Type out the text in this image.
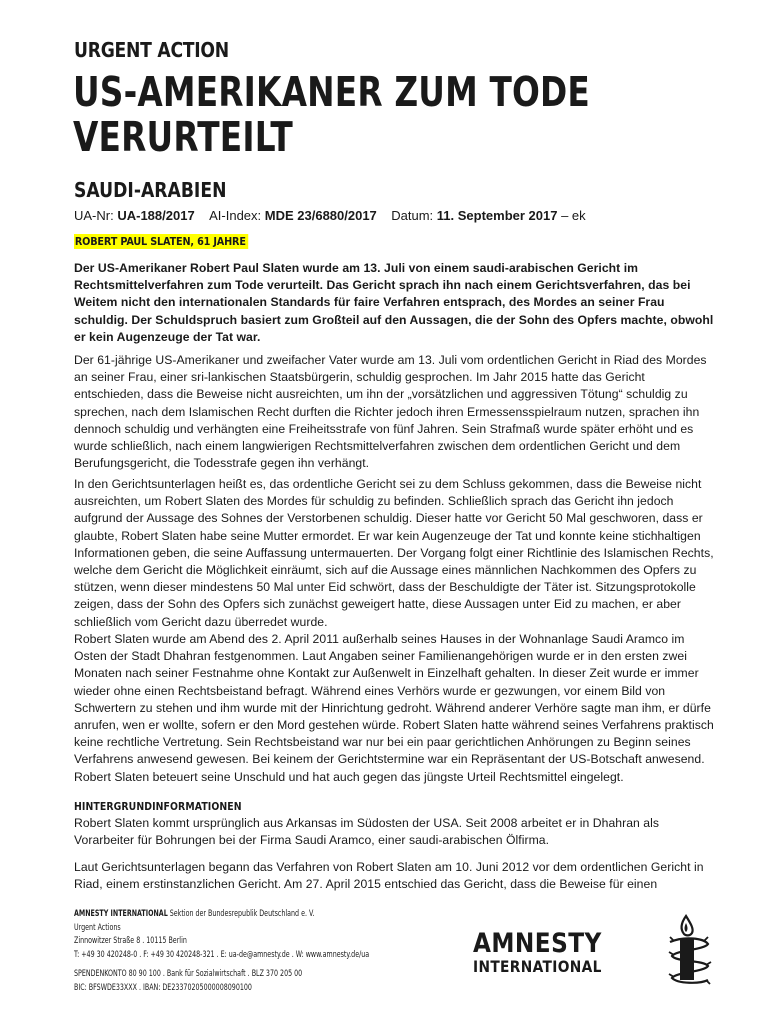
URGENT ACTION
US-AMERIKANER ZUM TODE
VERURTEILT
SAUDI-ARABIEN
UA-Nr: UA-188/2017 AI-Index: MDE 23/6880/2017 Datum: 11. September 2017 – ek
ROBERT PAUL SLATEN, 61 JAHRE

Der US-Amerikaner Robert Paul Slaten wurde am 13. Juli von einem saudi-arabischen Gericht im Rechtsmittelverfahren zum Tode verurteilt. Das Gericht sprach ihn nach einem Gerichtsverfahren, das bei Weitem nicht den internationalen Standards für faire Verfahren entsprach, des Mordes an seiner Frau schuldig. Der Schuldspruch basiert zum Großteil auf den Aussagen, die der Sohn des Opfers machte, obwohl er kein Augenzeuge der Tat war.

Der 61-jährige US-Amerikaner und zweifacher Vater wurde am 13. Juli vom ordentlichen Gericht in Riad des Mordes an seiner Frau, einer sri-lankischen Staatsbürgerin, schuldig gesprochen. Im Jahr 2015 hatte das Gericht entschieden, dass die Beweise nicht ausreichten, um ihn der „vorsätzlichen und aggressiven Tötung“ schuldig zu sprechen, nach dem Islamischen Recht durften die Richter jedoch ihren Ermessensspielraum nutzen, sprachen ihn dennoch schuldig und verhängten eine Freiheitsstrafe von fünf Jahren. Sein Strafmaß wurde später erhöht und es wurde schließlich, nach einem langwierigen Rechtsmittelverfahren zwischen dem ordentlichen Gericht und dem Berufungsgericht, die Todesstrafe gegen ihn verhängt.

In den Gerichtsunterlagen heißt es, das ordentliche Gericht sei zu dem Schluss gekommen, dass die Beweise nicht ausreichten, um Robert Slaten des Mordes für schuldig zu befinden. Schließlich sprach das Gericht ihn jedoch aufgrund der Aussage des Sohnes der Verstorbenen schuldig. Dieser hatte vor Gericht 50 Mal geschworen, dass er glaubte, Robert Slaten habe seine Mutter ermordet. Er war kein Augenzeuge der Tat und konnte keine stichhaltigen Informationen geben, die seine Auffassung untermauerten. Der Vorgang folgt einer Richtlinie des Islamischen Rechts, welche dem Gericht die Möglichkeit einräumt, sich auf die Aussage eines männlichen Nachkommen des Opfers zu stützen, wenn dieser mindestens 50 Mal unter Eid schwört, dass der Beschuldigte der Täter ist. Sitzungsprotokolle zeigen, dass der Sohn des Opfers sich zunächst geweigert hatte, diese Aussagen unter Eid zu machen, er aber schließlich vom Gericht dazu überredet wurde.

Robert Slaten wurde am Abend des 2. April 2011 außerhalb seines Hauses in der Wohnanlage Saudi Aramco im Osten der Stadt Dhahran festgenommen. Laut Angaben seiner Familienangehörigen wurde er in den ersten zwei Monaten nach seiner Festnahme ohne Kontakt zur Außenwelt in Einzelhaft gehalten. In dieser Zeit wurde er immer wieder ohne einen Rechtsbeistand befragt. Während eines Verhörs wurde er gezwungen, vor einem Bild von Schwertern zu stehen und ihm wurde mit der Hinrichtung gedroht. Während anderer Verhöre sagte man ihm, er dürfe anrufen, wen er wollte, sofern er den Mord gestehen würde. Robert Slaten hatte während seines Verfahrens praktisch keine rechtliche Vertretung. Sein Rechtsbeistand war nur bei ein paar gerichtlichen Anhörungen zu Beginn seines Verfahrens anwesend gewesen. Bei keinem der Gerichtstermine war ein Repräsentant der US-Botschaft anwesend. Robert Slaten beteuert seine Unschuld und hat auch gegen das jüngste Urteil Rechtsmittel eingelegt.

HINTERGRUNDINFORMATIONEN

Robert Slaten kommt ursprünglich aus Arkansas im Südosten der USA. Seit 2008 arbeitet er in Dhahran als Vorarbeiter für Bohrungen bei der Firma Saudi Aramco, einer saudi-arabischen Ölfirma.

Laut Gerichtsunterlagen begann das Verfahren von Robert Slaten am 10. Juni 2012 vor dem ordentlichen Gericht in Riad, einem erstinstanzlichen Gericht. Am 27. April 2015 entschied das Gericht, dass die Beweise für einen

AMNESTY INTERNATIONAL Sektion der Bundesrepublik Deutschland e. V.
Urgent Actions
Zinnowitzer Straße 8 . 10115 Berlin
T: +49 30 420248-0 . F: +49 30 420248-321 . E: ua-de@amnesty.de . W: www.amnesty.de/ua
SPENDENKONTO 80 90 100 . Bank für Sozialwirtschaft . BLZ 370 205 00
BIC: BFSWDE33XXX . IBAN: DE23370205000008090100
AMNESTY
INTERNATIONAL
